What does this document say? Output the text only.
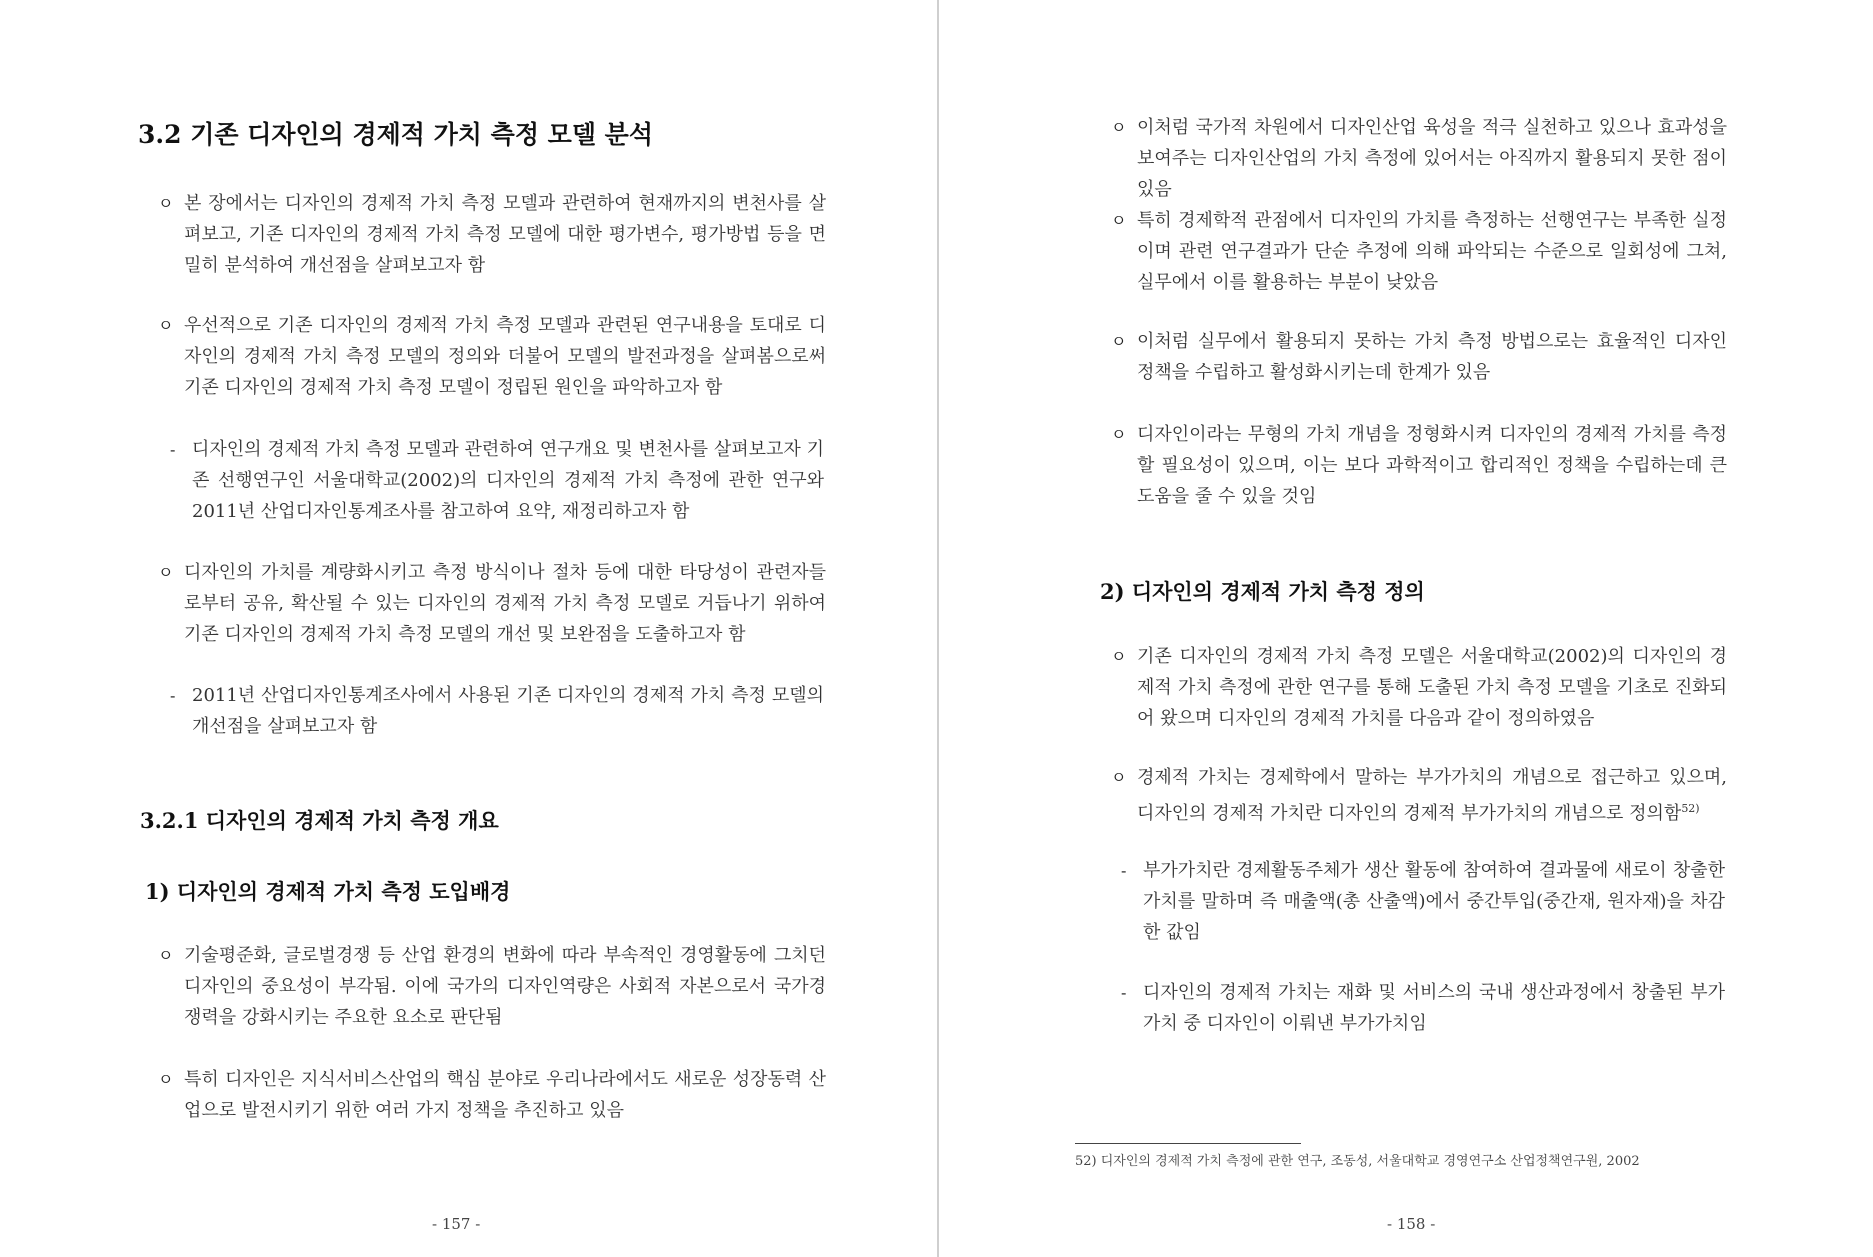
3.2 기존 디자인의 경제적 가치 측정 모델 분석
ㅇ 본 장에서는 디자인의 경제적 가치 측정 모델과 관련하여 현재까지의 변천사를 살펴보고, 기존 디자인의 경제적 가치 측정 모델에 대한 평가변수, 평가방법 등을 면밀히 분석하여 개선점을 살펴보고자 함
ㅇ 우선적으로 기존 디자인의 경제적 가치 측정 모델과 관련된 연구내용을 토대로 디자인의 경제적 가치 측정 모델의 정의와 더불어 모델의 발전과정을 살펴봄으로써 기존 디자인의 경제적 가치 측정 모델이 정립된 원인을 파악하고자 함
- 디자인의 경제적 가치 측정 모델과 관련하여 연구개요 및 변천사를 살펴보고자 기존 선행연구인 서울대학교(2002)의 디자인의 경제적 가치 측정에 관한 연구와 2011년 산업디자인통계조사를 참고하여 요약, 재정리하고자 함
ㅇ 디자인의 가치를 계량화시키고 측정 방식이나 절차 등에 대한 타당성이 관련자들로부터 공유, 확산될 수 있는 디자인의 경제적 가치 측정 모델로 거듭나기 위하여 기존 디자인의 경제적 가치 측정 모델의 개선 및 보완점을 도출하고자 함
- 2011년 산업디자인통계조사에서 사용된 기존 디자인의 경제적 가치 측정 모델의 개선점을 살펴보고자 함
3.2.1 디자인의 경제적 가치 측정 개요
1) 디자인의 경제적 가치 측정 도입배경
ㅇ 기술평준화, 글로벌경쟁 등 산업 환경의 변화에 따라 부속적인 경영활동에 그치던 디자인의 중요성이 부각됨. 이에 국가의 디자인역량은 사회적 자본으로서 국가경쟁력을 강화시키는 주요한 요소로 판단됨
ㅇ 특히 디자인은 지식서비스산업의 핵심 분야로 우리나라에서도 새로운 성장동력 산업으로 발전시키기 위한 여러 가지 정책을 추진하고 있음
- 157 -
ㅇ 이처럼 국가적 차원에서 디자인산업 육성을 적극 실천하고 있으나 효과성을 보여주는 디자인산업의 가치 측정에 있어서는 아직까지 활용되지 못한 점이 있음
ㅇ 특히 경제학적 관점에서 디자인의 가치를 측정하는 선행연구는 부족한 실정이며 관련 연구결과가 단순 추정에 의해 파악되는 수준으로 일회성에 그쳐, 실무에서 이를 활용하는 부분이 낮았음
ㅇ 이처럼 실무에서 활용되지 못하는 가치 측정 방법으로는 효율적인 디자인 정책을 수립하고 활성화시키는데 한계가 있음
ㅇ 디자인이라는 무형의 가치 개념을 정형화시켜 디자인의 경제적 가치를 측정할 필요성이 있으며, 이는 보다 과학적이고 합리적인 정책을 수립하는데 큰 도움을 줄 수 있을 것임
2) 디자인의 경제적 가치 측정 정의
ㅇ 기존 디자인의 경제적 가치 측정 모델은 서울대학교(2002)의 디자인의 경제적 가치 측정에 관한 연구를 통해 도출된 가치 측정 모델을 기초로 진화되어 왔으며 디자인의 경제적 가치를 다음과 같이 정의하였음
ㅇ 경제적 가치는 경제학에서 말하는 부가가치의 개념으로 접근하고 있으며, 디자인의 경제적 가치란 디자인의 경제적 부가가치의 개념으로 정의함$^{52)}$
- 부가가치란 경제활동주체가 생산 활동에 참여하여 결과물에 새로이 창출한 가치를 말하며 즉 매출액(총 산출액)에서 중간투입(중간재, 원자재)을 차감한 값임
- 디자인의 경제적 가치는 재화 및 서비스의 국내 생산과정에서 창출된 부가가치 중 디자인이 이뤄낸 부가가치임
- 158 -
52) 디자인의 경제적 가치 측정에 관한 연구, 조동성, 서울대학교 경영연구소 산업정책연구원, 2002
